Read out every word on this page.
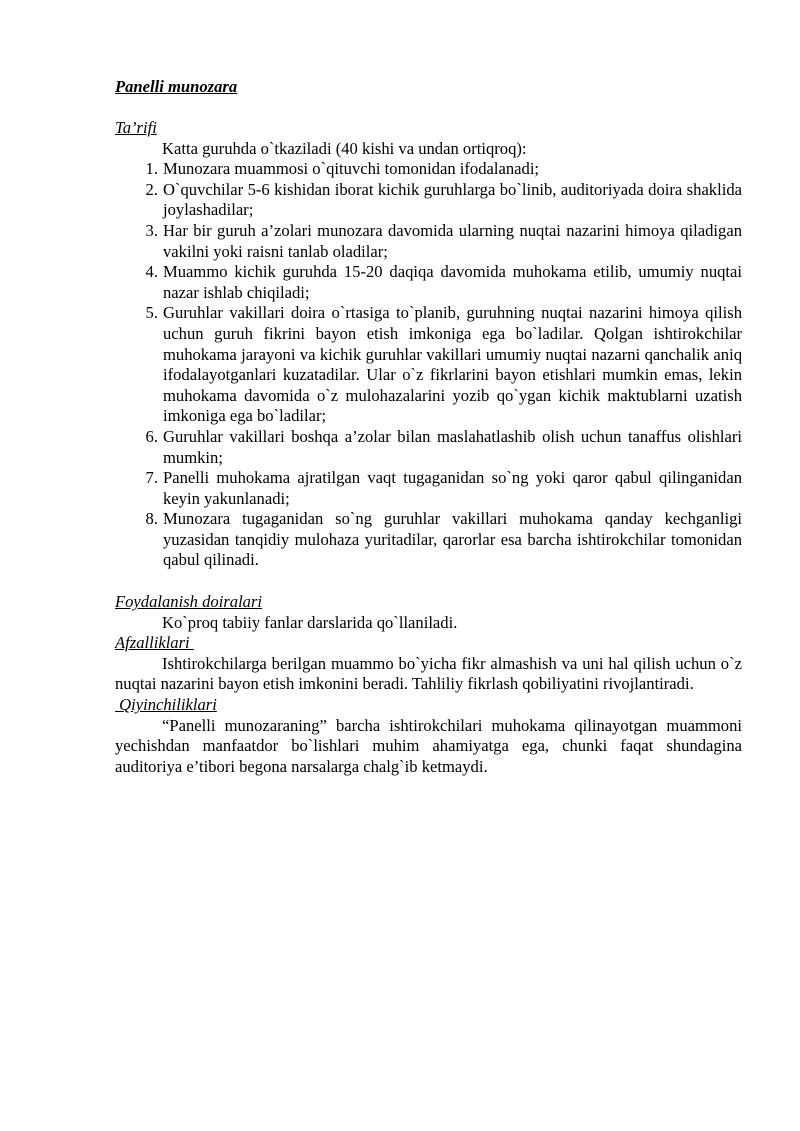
Panelli munozara

Ta’rifi

Katta guruhda o`tkaziladi (40 kishi va undan ortiqroq):

1. Munozara muammosi o`qituvchi tomonidan ifodalanadi;
2. O`quvchilar 5-6 kishidan iborat kichik guruhlarga bo`linib, auditoriyada doira shaklida joylashadilar;
3. Har bir guruh a’zolari munozara davomida ularning nuqtai nazarini himoya qiladigan vakilni yoki raisni tanlab oladilar;
4. Muammo kichik guruhda 15-20 daqiqa davomida muhokama etilib, umumiy nuqtai nazar ishlab chiqiladi;
5. Guruhlar vakillari doira o`rtasiga to`planib, guruhning nuqtai nazarini himoya qilish uchun guruh fikrini bayon etish imkoniga ega bo`ladilar. Qolgan ishtirokchilar muhokama jarayoni va kichik guruhlar vakillari umumiy nuqtai nazarni qanchalik aniq ifodalayotganlari kuzatadilar. Ular o`z fikrlarini bayon etishlari mumkin emas, lekin muhokama davomida o`z mulohazalarini yozib qo`ygan kichik maktublarni uzatish imkoniga ega bo`ladilar;
6. Guruhlar vakillari boshqa a’zolar bilan maslahatlashib olish uchun tanaffus olishlari mumkin;
7. Panelli muhokama ajratilgan vaqt tugaganidan so`ng yoki qaror qabul qilinganidan keyin yakunlanadi;
8. Munozara tugaganidan so`ng guruhlar vakillari muhokama qanday kechganligi yuzasidan tanqidiy mulohaza yuritadilar, qarorlar esa barcha ishtirokchilar tomonidan qabul qilinadi.

Foydalanish doiralari

Ko`proq tabiiy fanlar darslarida qo`llaniladi.

Afzalliklari

Ishtirokchilarga berilgan muammo bo`yicha fikr almashish va uni hal qilish uchun o`z nuqtai nazarini bayon etish imkonini beradi. Tahliliy fikrlash qobiliyatini rivojlantiradi.

Qiyinchiliklari

“Panelli munozaraning” barcha ishtirokchilari muhokama qilinayotgan muammoni yechishdan manfaatdor bo`lishlari muhim ahamiyatga ega, chunki faqat shundagina auditoriya e’tibori begona narsalarga chalg`ib ketmaydi.
